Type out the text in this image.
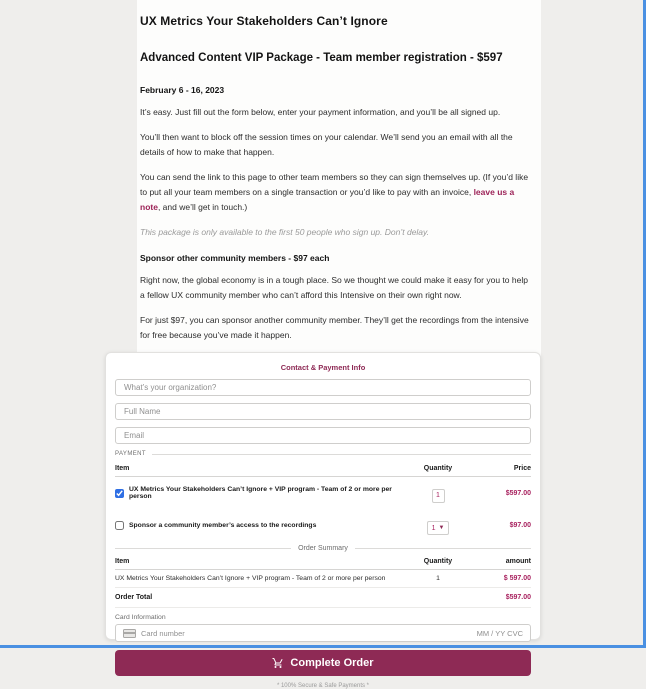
UX Metrics Your Stakeholders Can’t Ignore
Advanced Content VIP Package - Team member registration - $597
February 6 - 16, 2023

It’s easy. Just fill out the form below, enter your payment information, and you’ll be all signed up.

You’ll then want to block off the session times on your calendar. We’ll send you an email with all the details of how to make that happen.

You can send the link to this page to other team members so they can sign themselves up. (If you’d like to put all your team members on a single transaction or you’d like to pay with an invoice, leave us a note, and we’ll get in touch.)

This package is only available to the first 50 people who sign up. Don’t delay.

Sponsor other community members - $97 each

Right now, the global economy is in a tough place. So we thought we could make it easy for you to help a fellow UX community member who can’t afford this Intensive on their own right now.

For just $97, you can sponsor another community member. They’ll get the recordings from the intensive for free because you’ve made it happen.

Contact & Payment Info
What’s your organization?
Full Name
Email
PAYMENT
Item	Quantity	Price
UX Metrics Your Stakeholders Can’t Ignore + VIP program - Team of 2 or more per person	1	$597.00
Sponsor a community member’s access to the recordings	1 ▼	$97.00
Order Summary
Item	Quantity	amount
UX Metrics Your Stakeholders Can’t Ignore + VIP program - Team of 2 or more per person	1	$ 597.00
Order Total	$597.00
Card Information
Card number	MM / YY CVC
Complete Order
* 100% Secure & Safe Payments *
